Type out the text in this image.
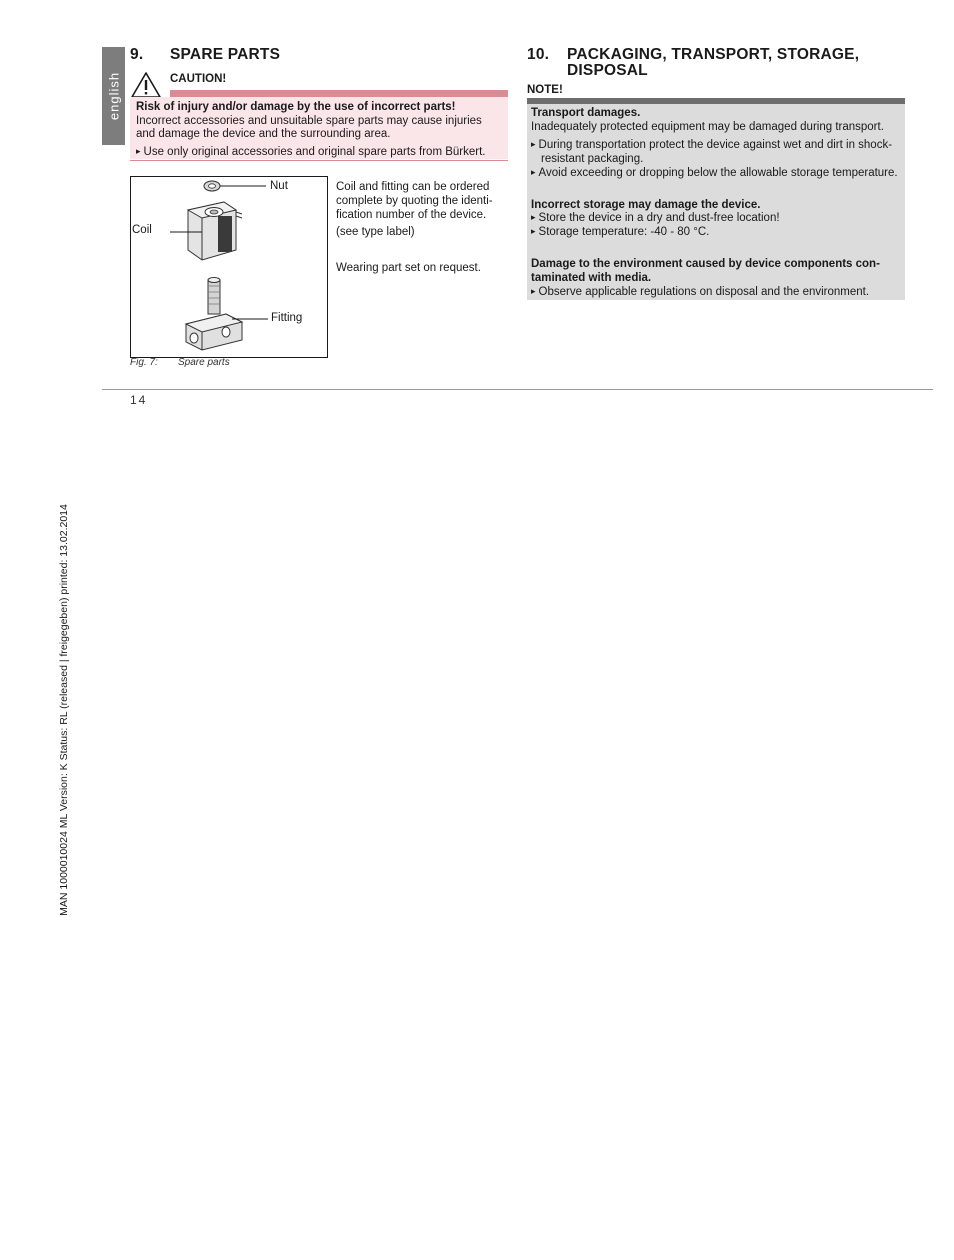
english
9. SPARE PARTS
CAUTION!
Risk of injury and/or damage by the use of incorrect parts!
Incorrect accessories and unsuitable spare parts may cause injuries
and damage the device and the surrounding area.
▸ Use only original accessories and original spare parts from Bürkert.
Nut
Coil
Fitting
Fig. 7: Spare parts
Coil and fitting can be ordered
complete by quoting the identi-
fication number of the device.
(see type label)
Wearing part set on request.
10. PACKAGING, TRANSPORT, STORAGE,
DISPOSAL
NOTE!
Transport damages.
Inadequately protected equipment may be damaged during transport.
▸ During transportation protect the device against wet and dirt in shock-
resistant packaging.
▸ Avoid exceeding or dropping below the allowable storage temperature.
Incorrect storage may damage the device.
▸ Store the device in a dry and dust-free location!
▸ Storage temperature: -40 - 80 °C.
Damage to the environment caused by device components con-
taminated with media.
▸ Observe applicable regulations on disposal and the environment.
14
MAN 1000010024 ML Version: K Status: RL (released | freigegeben) printed: 13.02.2014
